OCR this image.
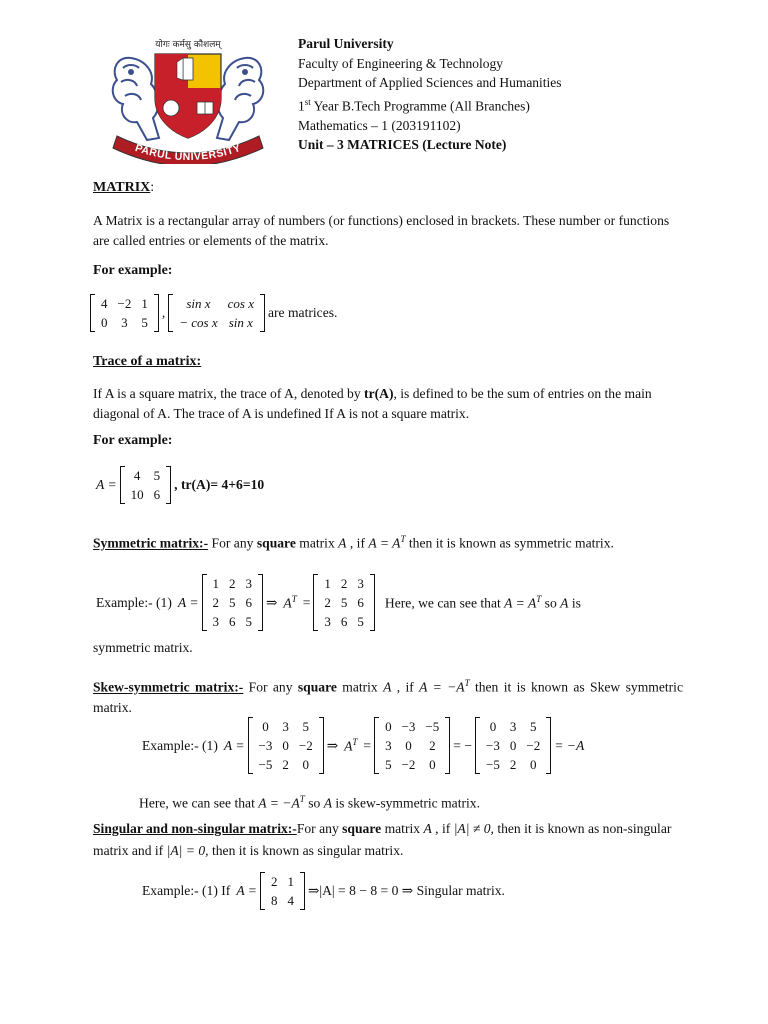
योगः कर्मसु कौशलम्
PARUL UNIVERSITY
Parul University
Faculty of Engineering & Technology
Department of Applied Sciences and Humanities
1st Year B.Tech Programme (All Branches)
Mathematics – 1 (203191102)
Unit – 3 MATRICES (Lecture Note)
MATRIX:
A Matrix is a rectangular array of numbers (or functions) enclosed in brackets. These number or functions are called entries or elements of the matrix.
For example:
4	−2	1
0	3	5
,
sin x	cos x
− cos x	sin x
are matrices.
Trace of a matrix:
If A is a square matrix, the trace of A, denoted by tr(A), is defined to be the sum of entries on the main diagonal of A. The trace of A is undefined If A is not a square matrix.
For example:
A =
4	5
10	6
, tr(A)= 4+6=10
Symmetric matrix:- For any square matrix A , if $A = A^T$ then it is known as symmetric matrix.
Example:- (1) A =
1	2	3
2	5	6
3	6	5
⇒ $A^T$ =
1	2	3
2	5	6
3	6	5
Here, we can see that $A = A^T$ so A is
symmetric matrix.
Skew-symmetric matrix:- For any square matrix A , if $A = -A^T$ then it is known as Skew symmetric matrix.
Example:- (1) A =
0	3	5
−3	0	−2
−5	2	0
⇒ $A^T$ =
0	−3	−5
3	0	2
5	−2	0
= −
0	3	5
−3	0	−2
−5	2	0
= −A
Here, we can see that $A = -A^T$ so A is skew-symmetric matrix.
Singular and non-singular matrix:-For any square matrix A , if |A| ≠ 0, then it is known as non-singular matrix and if |A| = 0, then it is known as singular matrix.
Example:- (1) If A =
2	1
8	4
⇒|A| = 8 − 8 = 0 ⇒ Singular matrix.
